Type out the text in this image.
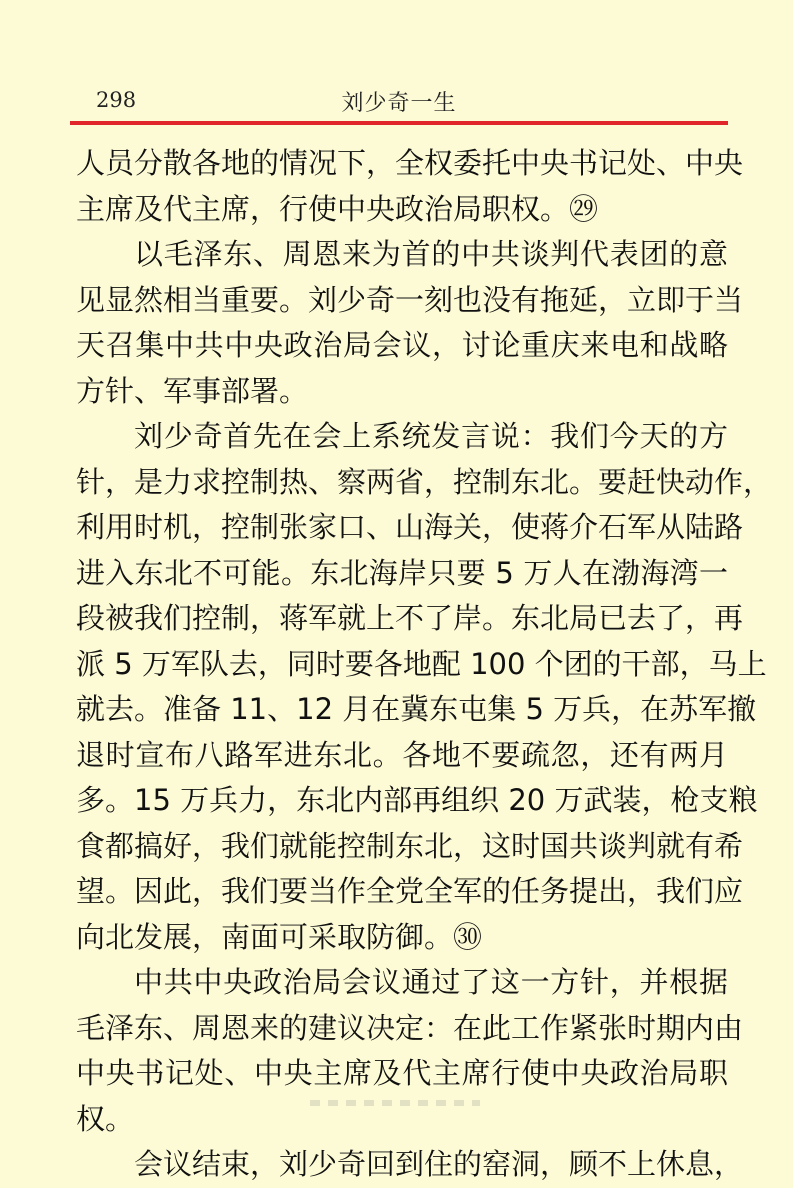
298	刘少奇一生
人员分散各地的情况下，全权委托中央书记处、中央
主席及代主席，行使中央政治局职权。㉙
以毛泽东、周恩来为首的中共谈判代表团的意
见显然相当重要。刘少奇一刻也没有拖延，立即于当
天召集中共中央政治局会议，讨论重庆来电和战略
方针、军事部署。
刘少奇首先在会上系统发言说：我们今天的方
针，是力求控制热、察两省，控制东北。要赶快动作，
利用时机，控制张家口、山海关，使蒋介石军从陆路
进入东北不可能。东北海岸只要 5 万人在渤海湾一
段被我们控制，蒋军就上不了岸。东北局已去了，再
派 5 万军队去，同时要各地配 100 个团的干部，马上
就去。准备 11、12 月在冀东屯集 5 万兵，在苏军撤
退时宣布八路军进东北。各地不要疏忽，还有两月
多。15 万兵力，东北内部再组织 20 万武装，枪支粮
食都搞好，我们就能控制东北，这时国共谈判就有希
望。因此，我们要当作全党全军的任务提出，我们应
向北发展，南面可采取防御。㉚
中共中央政治局会议通过了这一方针，并根据
毛泽东、周恩来的建议决定：在此工作紧张时期内由
中央书记处、中央主席及代主席行使中央政治局职
权。
会议结束，刘少奇回到住的窑洞，顾不上休息，
